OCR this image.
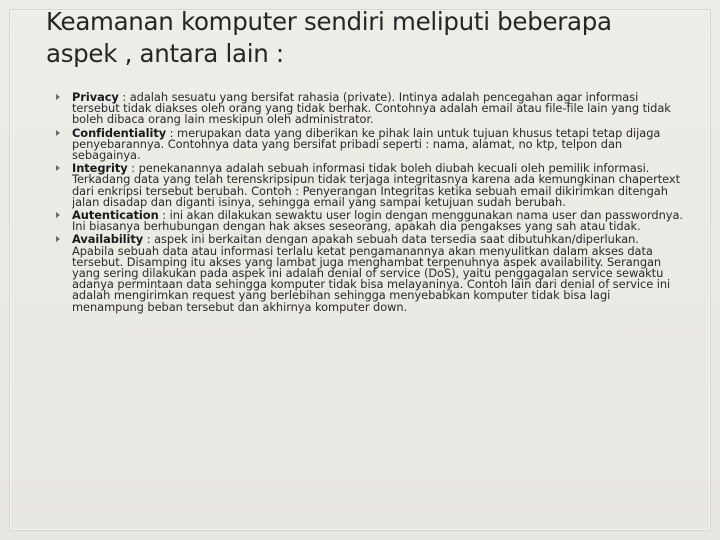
Keamanan komputer sendiri meliputi beberapa aspek , antara lain :
Privacy : adalah sesuatu yang bersifat rahasia (private). Intinya adalah pencegahan agar informasi tersebut tidak diakses oleh orang yang tidak berhak. Contohnya adalah email atau file-file lain yang tidak boleh dibaca orang lain meskipun oleh administrator.
Confidentiality : merupakan data yang diberikan ke pihak lain untuk tujuan khusus tetapi tetap dijaga penyebarannya. Contohnya data yang bersifat pribadi seperti : nama, alamat, no ktp, telpon dan sebagainya.
Integrity : penekanannya adalah sebuah informasi tidak boleh diubah kecuali oleh pemilik informasi. Terkadang data yang telah terenskripsipun tidak terjaga integritasnya karena ada kemungkinan chapertext dari enkripsi tersebut berubah. Contoh : Penyerangan Integritas ketika sebuah email dikirimkan ditengah jalan disadap dan diganti isinya, sehingga email yang sampai ketujuan sudah berubah.
Autentication : ini akan dilakukan sewaktu user login dengan menggunakan nama user dan passwordnya. Ini biasanya berhubungan dengan hak akses seseorang, apakah dia pengakses yang sah atau tidak.
Availability : aspek ini berkaitan dengan apakah sebuah data tersedia saat dibutuhkan/diperlukan. Apabila sebuah data atau informasi terlalu ketat pengamanannya akan menyulitkan dalam akses data tersebut. Disamping itu akses yang lambat juga menghambat terpenuhnya aspek availability. Serangan yang sering dilakukan pada aspek ini adalah denial of service (DoS), yaitu penggagalan service sewaktu adanya permintaan data sehingga komputer tidak bisa melayaninya. Contoh lain dari denial of service ini adalah mengirimkan request yang berlebihan sehingga menyebabkan komputer tidak bisa lagi menampung beban tersebut dan akhirnya komputer down.
